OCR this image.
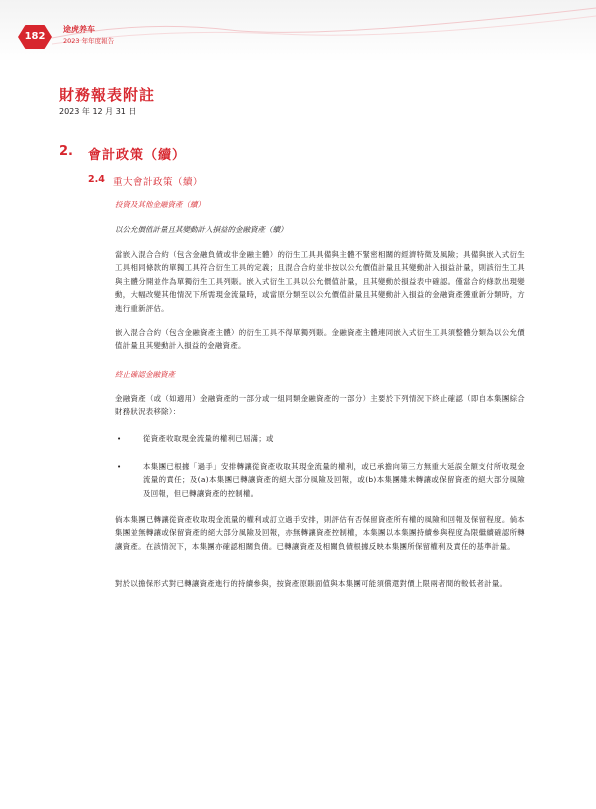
182
途虎养车
2023 年年度報告
財務報表附註
2023 年 12 月 31 日
2. 會計政策（續）
2.4 重大會計政策（續）
投資及其他金融資產（續）
以公允價值計量且其變動計入損益的金融資產（續）
當嵌入混合合約（包含金融負債或非金融主體）的衍生工具具備與主體不緊密相關的經濟特徵及風險；具備與嵌入式衍生工具相同條款的單獨工具符合衍生工具的定義；且混合合約並非按以公允價值計量且其變動計入損益計量，則該衍生工具與主體分開並作為單獨衍生工具列賬。嵌入式衍生工具以公允價值計量，且其變動於損益表中確認。僅當合約條款出現變動，大幅改變其他情況下所需現金流量時，或當原分類至以公允價值計量且其變動計入損益的金融資產獲重新分類時，方進行重新評估。
嵌入混合合約（包含金融資產主體）的衍生工具不得單獨列賬。金融資產主體連同嵌入式衍生工具須整體分類為以公允價值計量且其變動計入損益的金融資產。
終止確認金融資產
金融資產（或（如適用）金融資產的一部分或一組同類金融資產的一部分）主要於下列情況下終止確認（即自本集團綜合財務狀況表移除）：
•	從資產收取現金流量的權利已屆滿；或
•	本集團已根據「過手」安排轉讓從資產收取其現金流量的權利，或已承擔向第三方無重大延誤全額支付所收現金流量的責任；及(a)本集團已轉讓資產的絕大部分風險及回報，或(b)本集團雖未轉讓或保留資產的絕大部分風險及回報，但已轉讓資產的控制權。
倘本集團已轉讓從資產收取現金流量的權利或訂立過手安排，則評估有否保留資產所有權的風險和回報及保留程度。倘本集團並無轉讓或保留資產的絕大部分風險及回報，亦無轉讓資產控制權，本集團以本集團持續參與程度為限繼續確認所轉讓資產。在該情況下，本集團亦確認相關負債。已轉讓資產及相關負債根據反映本集團所保留權利及責任的基準計量。
對於以擔保形式對已轉讓資產進行的持續參與，按資產原賬面值與本集團可能須償還對價上限兩者間的較低者計量。
